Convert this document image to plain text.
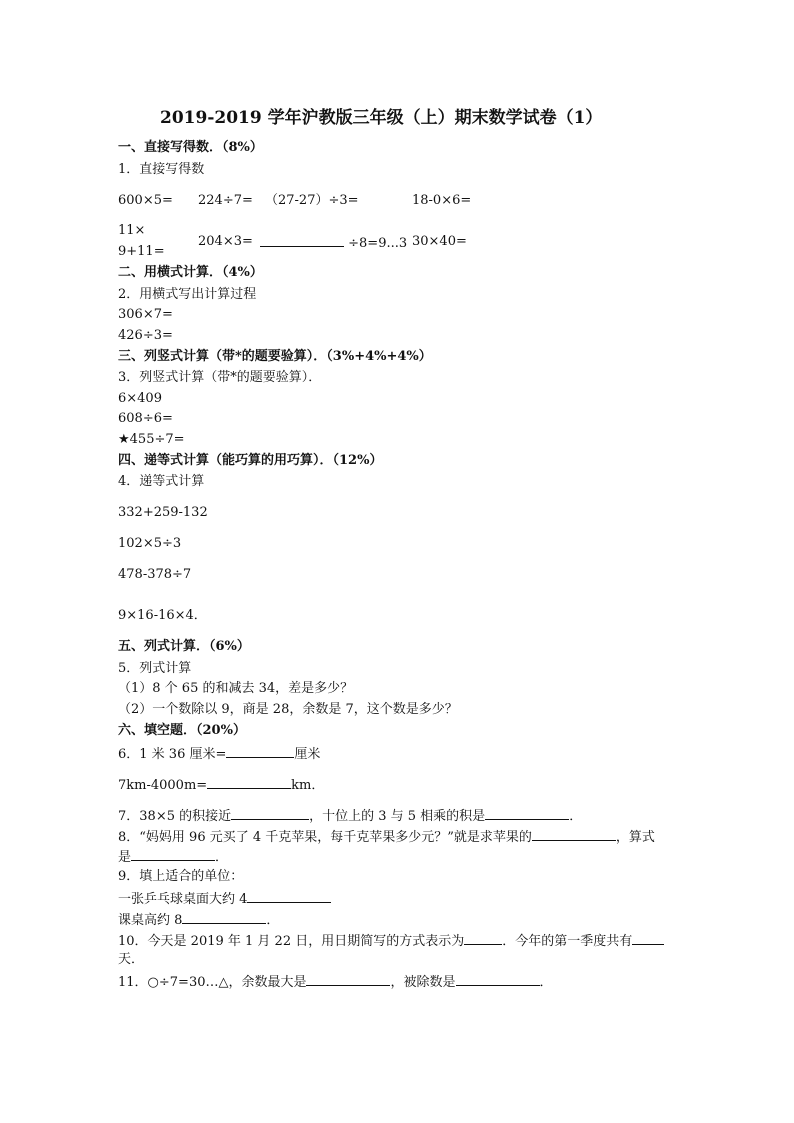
2019-2019 学年沪教版三年级（上）期末数学试卷（1）
一、直接写得数．（8%）
1．直接写得数
600×5= 224÷7= （27-27）÷3=	18-0×6=
11×
9+11=
204×3=	÷8=9...3 30×40=
二、用横式计算．（4%）
2．用横式写出计算过程
306×7=
426÷3=
三、列竖式计算（带*的题要验算）．（3%+4%+4%）
3．列竖式计算（带*的题要验算）．
6×409
608÷6=
★455÷7=
四、递等式计算（能巧算的用巧算）．（12%）
4．递等式计算
332+259-132
102×5÷3
478-378÷7
9×16-16×4．
五、列式计算．（6%）
5．列式计算
（1）8 个 65 的和减去 34，差是多少？
（2）一个数除以 9，商是 28，余数是 7，这个数是多少？
六、填空题．（20%）
6．1 米 36 厘米=	厘米
7km-4000m=	km．
7．38×5 的积接近	，十位上的 3 与 5 相乘的积是	．
8．“妈妈用 96 元买了 4 千克苹果，每千克苹果多少元？”就是求苹果的	，算式
是	．
9．填上适合的单位：
一张乒乓球桌面大约 4
课桌高约 8	．
10．今天是 2019 年 1 月 22 日，用日期简写的方式表示为	．今年的第一季度共有
天．
11．○÷7=30…△，余数最大是	，被除数是	．
